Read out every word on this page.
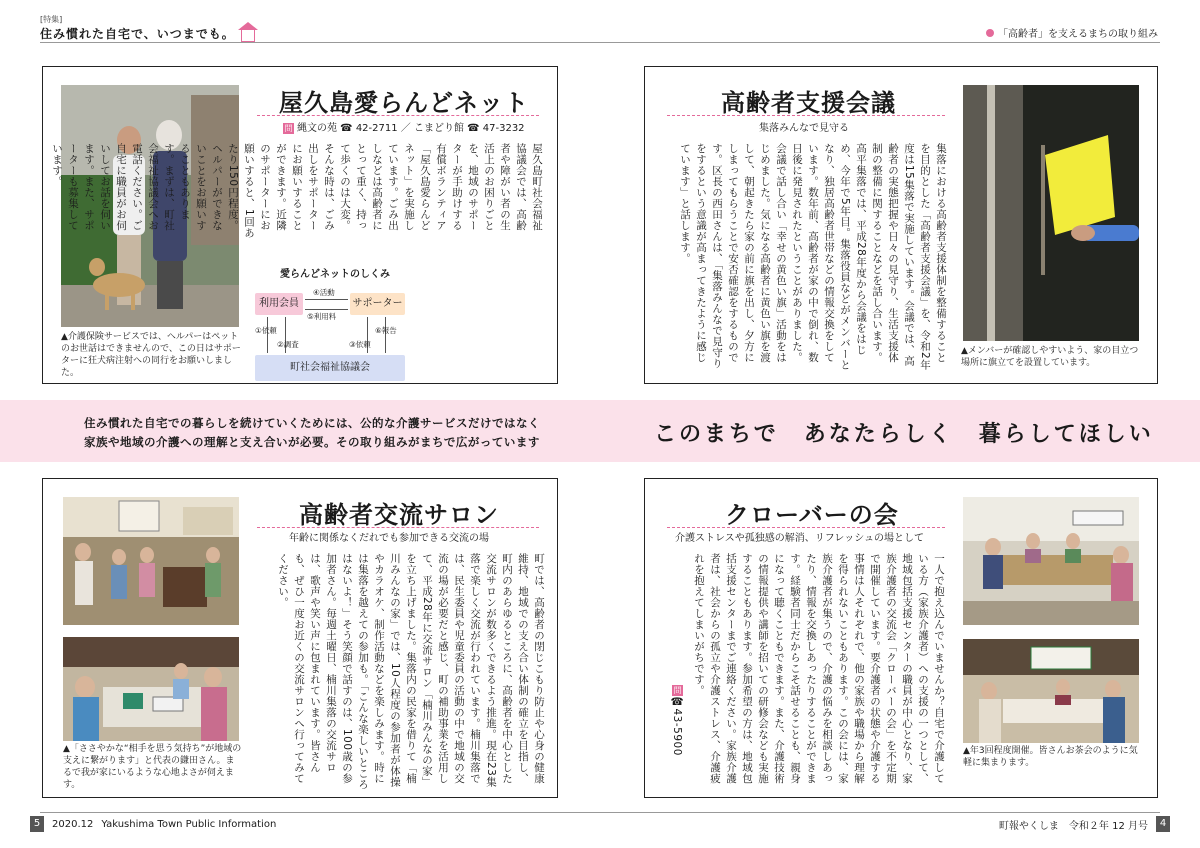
[特集]
住み慣れた自宅で、いつまでも。	「高齢者」を支えるまちの取り組み
▲介護保険サービスでは、ヘルパーはペットのお世話はできませんので、この日はサポーターに狂犬病注射への同行をお願いしました。
屋久島愛らんどネット
問 縄文の苑 ☎ 42-2711 ／ こまどり館 ☎ 47-3232
屋久島町社会福祉協議会では、高齢者や障がい者の生活上のお困りごとを、地域のサポーターが手助けする有償ボランティア「屋久島愛らんどネット」を実施しています。ごみ出しなどは高齢者にとって重く、持って歩くのは大変。そんな時は、ごみ出しをサポーターにお願いすることができます。近隣のサポーターにお願いすると、1回あたり150円程度。ヘルパーができないことをお願いすることもあります。まずは、町社会福祉協議会へお電話ください。ご自宅に職員がお伺いしてお話を伺います。また、サポーターも募集しています。
愛らんどネットのしくみ
利用会員	サポーター
町社会福祉協議会
④活動
⑤利用料
①依頼
②調査	③依頼
⑥報告
高齢者支援会議
集落みんなで見守る
集落における高齢者支援体制を整備することを目的とした「高齢者支援会議」を、令和2年度は15集落で実施しています。会議では、高齢者の実態把握や日々の見守り、生活支援体制の整備に関することなどを話し合います。高平集落では、平成28年度から会議をはじめ、今年で5年目。集落役員などがメンバーとなり、独居高齢者世帯などの情報交換をしています。数年前、高齢者が家の中で倒れ、数日後に発見されたということがありました。会議で話し合い「幸せの黄色い旗」活動をはじめました。気になる高齢者に黄色い旗を渡して、朝起きたら家の前に旗を出し、夕方にしまってもらうことで安否確認をするものです。区長の西田さんは、「集落みんなで見守りをするという意識が高まってきたように感じています」と話します。
▲メンバーが確認しやすいよう、家の目立つ場所に旗立てを設置しています。
住み慣れた自宅での暮らしを続けていくためには、公的な介護サービスだけではなく
家族や地域の介護への理解と支え合いが必要。その取り組みがまちで広がっています	このまちで　あなたらしく　暮らしてほしい
▲「ささやかな“相手を思う気持ち”が地域の支えに繋がります」と代表の鎌田さん。まるで我が家にいるような心地よさが伺えます。
高齢者交流サロン
年齢に関係なくだれでも参加できる交流の場
町では、高齢者の閉じこもり防止や心身の健康維持、地域での支え合い体制の確立を目指し、町内のあらゆるところに、高齢者を中心とした交流サロンが数多くできるよう推進。現在23集落で楽しく交流が行われています。楠川集落では、民生委員や児童委員の活動の中で地域の交流の場が必要だと感じ、町の補助事業を活用して、平成28年に交流サロン「楠川みんなの家」を立ち上げました。集落内の民家を借りて「楠川みんなの家」では、10人程度の参加者が体操やカラオケ、制作活動などを楽しみます。時には集落を越えての参加も。「こんな楽しいところはないよ！」そう笑顔で話すのは、100歳の参加者さん。毎週土曜日、楠川集落の交流サロは、歌声や笑い声に包まれています。皆さんも、ぜひ一度お近くの交流サロンへ行ってみてください。
クローバーの会
介護ストレスや孤独感の解消、リフレッシュの場として
一人で抱え込んでいませんか？自宅で介護している方（家族介護者）への支援の一つとして、地域包括支援センターの職員が中心となり、家族介護者の交流会「クローバーの会」を不定期で開催しています。要介護者の状態や介護する事情は人それぞれで、他の家族や職場から理解を得られないこともあります。この会には、家族介護者が集うので、介護の悩みを相談しあったり、情報を交換しあったりすることができます。経験者同士だからこそ話せることも、親身になって聴くこともできます。また、介護技術の情報提供や講師を招いての研修会なども実施することもあります。参加希望の方は、地域包括支援センターまでご連絡ください。家族介護者は、社会からの孤立や介護ストレス、介護疲れを抱えてしまいがちです。
問☎43-5900	▲年3回程度開催。皆さんお茶会のように気軽に集まります。
5	2020.12 Yakushima Town Public Information	町報やくしま　令和２年 12 月号	4
